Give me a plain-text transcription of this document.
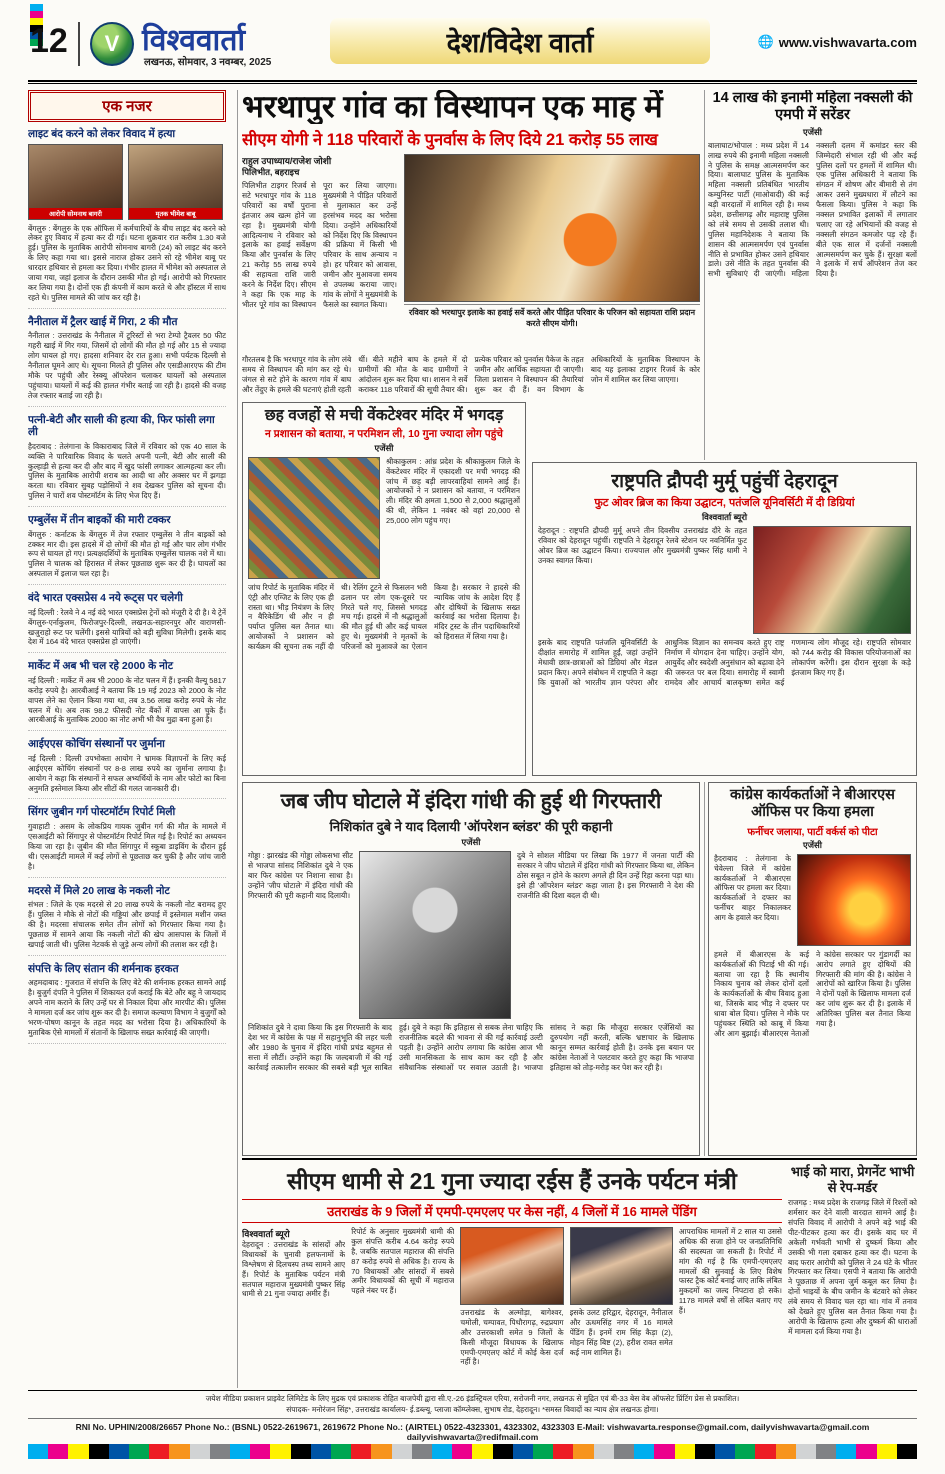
12 V विश्ववार्ता
लखनऊ, सोमवार, 3 नवम्बर, 2025
देश/विदेश वार्ता	🌐 www.vishwavarta.com
एक नजर
लाइट बंद करने को लेकर विवाद में हत्या
आरोपी सोमनाथ बागरी	मृतक भीमेश बाबू

बेंगलुरु : बेंगलुरु के एक ऑफिस में कर्मचारियों के बीच लाइट बंद करने को लेकर हुए विवाद में हत्या कर दी गई। घटना शुक्रवार रात करीब 1.30 बजे हुई। पुलिस के मुताबिक आरोपी सोमनाथ बागरी (24) को लाइट बंद करने के लिए कहा गया था। इससे नाराज होकर उसने सो रहे भीमेश बाबू पर धारदार हथियार से हमला कर दिया। गंभीर हालत में भीमेश को अस्पताल ले जाया गया, जहां इलाज के दौरान उसकी मौत हो गई। आरोपी को गिरफ्तार कर लिया गया है। दोनों एक ही कंपनी में काम करते थे और हॉस्टल में साथ रहते थे। पुलिस मामले की जांच कर रही है।

नैनीताल में ट्रैलर खाई में गिरा, 2 की मौत

नैनीताल : उत्तराखंड के नैनीताल में टूरिस्टों से भरा टेम्पो ट्रैवलर 50 फीट गहरी खाई में गिर गया, जिसमें दो लोगों की मौत हो गई और 15 से ज्यादा लोग घायल हो गए। हादसा शनिवार देर रात हुआ। सभी पर्यटक दिल्ली से नैनीताल घूमने आए थे। सूचना मिलते ही पुलिस और एसडीआरएफ की टीम मौके पर पहुंची और रेस्क्यू ऑपरेशन चलाकर घायलों को अस्पताल पहुंचाया। घायलों में कई की हालत गंभीर बताई जा रही है। हादसे की वजह तेज रफ्तार बताई जा रही है।

पत्नी-बेटी और साली की हत्या की, फिर फांसी लगा ली

हैदराबाद : तेलंगाना के विकाराबाद जिले में रविवार को एक 40 साल के व्यक्ति ने पारिवारिक विवाद के चलते अपनी पत्नी, बेटी और साली की कुल्हाड़ी से हत्या कर दी और बाद में खुद फांसी लगाकर आत्महत्या कर ली। पुलिस के मुताबिक आरोपी शराब का आदी था और अक्सर घर में झगड़ा करता था। रविवार सुबह पड़ोसियों ने शव देखकर पुलिस को सूचना दी। पुलिस ने चारों शव पोस्टमॉर्टम के लिए भेज दिए हैं।

एम्बुलेंस में तीन बाइकों की मारी टक्कर

बेंगलुरु : कर्नाटक के बेंगलुरु में तेज रफ्तार एम्बुलेंस ने तीन बाइकों को टक्कर मार दी। इस हादसे में दो लोगों की मौत हो गई और चार लोग गंभीर रूप से घायल हो गए। प्रत्यक्षदर्शियों के मुताबिक एम्बुलेंस चालक नशे में था। पुलिस ने चालक को हिरासत में लेकर पूछताछ शुरू कर दी है। घायलों का अस्पताल में इलाज चल रहा है।

वंदे भारत एक्सप्रेस 4 नये रूट्स पर चलेगी

नई दिल्ली : रेलवे ने 4 नई वंदे भारत एक्सप्रेस ट्रेनों को मंजूरी दे दी है। ये ट्रेनें बेंगलुरु-एर्नाकुलम, फिरोजपुर-दिल्ली, लखनऊ-सहारनपुर और वाराणसी-खजुराहो रूट पर चलेंगी। इससे यात्रियों को बड़ी सुविधा मिलेगी। इसके बाद देश में 164 वंदे भारत एक्सप्रेस हो जाएंगी।

मार्केट में अब भी चल रहे 2000 के नोट

नई दिल्ली : मार्केट में अब भी 2000 के नोट चलन में हैं। इनकी वैल्यू 5817 करोड़ रुपये है। आरबीआई ने बताया कि 19 मई 2023 को 2000 के नोट वापस लेने का ऐलान किया गया था, तब 3.56 लाख करोड़ रुपये के नोट चलन में थे। अब तक 98.2 फीसदी नोट बैंकों में वापस आ चुके हैं। आरबीआई के मुताबिक 2000 का नोट अभी भी वैध मुद्रा बना हुआ है।

आईएएस कोचिंग संस्थानों पर जुर्माना

नई दिल्ली : दिल्ली उपभोक्ता आयोग ने भ्रामक विज्ञापनों के लिए कई आईएएस कोचिंग संस्थानों पर 8-8 लाख रुपये का जुर्माना लगाया है। आयोग ने कहा कि संस्थानों ने सफल अभ्यर्थियों के नाम और फोटो का बिना अनुमति इस्तेमाल किया और सीटों की गलत जानकारी दी।

सिंगर जुबीन गर्ग पोस्टमॉर्टम रिपोर्ट मिली

गुवाहाटी : असम के लोकप्रिय गायक जुबीन गर्ग की मौत के मामले में एसआईटी को सिंगापुर से पोस्टमॉर्टम रिपोर्ट मिल गई है। रिपोर्ट का अध्ययन किया जा रहा है। जुबीन की मौत सिंगापुर में स्कूबा डाइविंग के दौरान हुई थी। एसआईटी मामले में कई लोगों से पूछताछ कर चुकी है और जांच जारी है।

मदरसे में मिले 20 लाख के नकली नोट

संभल : जिले के एक मदरसे से 20 लाख रुपये के नकली नोट बरामद हुए हैं। पुलिस ने मौके से नोटों की गड्डियां और छपाई में इस्तेमाल मशीन जब्त की है। मदरसा संचालक समेत तीन लोगों को गिरफ्तार किया गया है। पूछताछ में सामने आया कि नकली नोटों की खेप आसपास के जिलों में खपाई जाती थी। पुलिस नेटवर्क से जुड़े अन्य लोगों की तलाश कर रही है।

संपत्ति के लिए संतान की शर्मनाक हरकत

अहमदाबाद : गुजरात में संपत्ति के लिए बेटे की शर्मनाक हरकत सामने आई है। बुजुर्ग दंपति ने पुलिस में शिकायत दर्ज कराई कि बेटे और बहू ने जायदाद अपने नाम कराने के लिए उन्हें घर से निकाल दिया और मारपीट की। पुलिस ने मामला दर्ज कर जांच शुरू कर दी है। समाज कल्याण विभाग ने बुजुर्गों को भरण-पोषण कानून के तहत मदद का भरोसा दिया है। अधिकारियों के मुताबिक ऐसे मामलों में संतानों के खिलाफ सख्त कार्रवाई की जाएगी।

भरथापुर गांव का विस्थापन एक माह में
सीएम योगी ने 118 परिवारों के पुनर्वास के लिए दिये 21 करोड़ 55 लाख
राहुल उपाध्याय/राजेश जोशी
पिलिभीत, बहराइच
पिलिभीत टाइगर रिजर्व से सटे भरथापुर गांव के 118 परिवारों का वर्षों पुराना इंतजार अब खत्म होने जा रहा है। मुख्यमंत्री योगी आदित्यनाथ ने रविवार को इलाके का हवाई सर्वेक्षण किया और पुनर्वास के लिए 21 करोड़ 55 लाख रुपये की सहायता राशि जारी करने के निर्देश दिए। सीएम ने कहा कि एक माह के भीतर पूरे गांव का विस्थापन पूरा कर लिया जाएगा। मुख्यमंत्री ने पीड़ित परिवारों से मुलाकात कर उन्हें हरसंभव मदद का भरोसा दिया। उन्होंने अधिकारियों को निर्देश दिए कि विस्थापन की प्रक्रिया में किसी भी परिवार के साथ अन्याय न हो। हर परिवार को आवास, जमीन और मुआवजा समय से उपलब्ध कराया जाए। गांव के लोगों ने मुख्यमंत्री के फैसले का स्वागत किया।
रविवार को भरथापुर इलाके का हवाई सर्वे करते और पीड़ित परिवार के परिजन को सहायता राशि प्रदान करते सीएम योगी।
गौरतलब है कि भरथापुर गांव के लोग लंबे समय से विस्थापन की मांग कर रहे थे। जंगल से सटे होने के कारण गांव में बाघ और तेंदुए के हमले की घटनाएं होती रहती थीं। बीते महीने बाघ के हमले में दो ग्रामीणों की मौत के बाद ग्रामीणों ने आंदोलन शुरू कर दिया था। शासन ने सर्वे कराकर 118 परिवारों की सूची तैयार की। प्रत्येक परिवार को पुनर्वास पैकेज के तहत जमीन और आर्थिक सहायता दी जाएगी। जिला प्रशासन ने विस्थापन की तैयारियां शुरू कर दी हैं। वन विभाग के अधिकारियों के मुताबिक विस्थापन के बाद यह इलाका टाइगर रिजर्व के कोर जोन में शामिल कर लिया जाएगा।
14 लाख की इनामी महिला नक्सली की एमपी में सरेंडर
एजेंसी
बालाघाट/भोपाल : मध्य प्रदेश में 14 लाख रुपये की इनामी महिला नक्सली ने पुलिस के समक्ष आत्मसमर्पण कर दिया। बालाघाट पुलिस के मुताबिक महिला नक्सली प्रतिबंधित भारतीय कम्युनिस्ट पार्टी (माओवादी) की कई बड़ी वारदातों में शामिल रही है। मध्य प्रदेश, छत्तीसगढ़ और महाराष्ट्र पुलिस को लंबे समय से उसकी तलाश थी। पुलिस महानिदेशक ने बताया कि शासन की आत्मसमर्पण एवं पुनर्वास नीति से प्रभावित होकर उसने हथियार डाले। उसे नीति के तहत पुनर्वास की सभी सुविधाएं दी जाएंगी। महिला नक्सली दलम में कमांडर स्तर की जिम्मेदारी संभाल रही थी और कई पुलिस दलों पर हमलों में शामिल थी। एक पुलिस अधिकारी ने बताया कि संगठन में शोषण और बीमारी से तंग आकर उसने मुख्यधारा में लौटने का फैसला किया। पुलिस ने कहा कि नक्सल प्रभावित इलाकों में लगातार चलाए जा रहे अभियानों की वजह से नक्सली संगठन कमजोर पड़ रहे हैं। बीते एक साल में दर्जनों नक्सली आत्मसमर्पण कर चुके हैं। सुरक्षा बलों ने इलाके में सर्च ऑपरेशन तेज कर दिया है।
छह वजहों से मची वेंकटेश्वर मंदिर में भगदड़
न प्रशासन को बताया, न परमिशन ली, 10 गुना ज्यादा लोग पहुंचे
एजेंसी
श्रीकाकुलम : आंध्र प्रदेश के श्रीकाकुलम जिले के वेंकटेश्वर मंदिर में एकादशी पर मची भगदड़ की जांच में छह बड़ी लापरवाहियां सामने आई हैं। आयोजकों ने न प्रशासन को बताया, न परमिशन ली। मंदिर की क्षमता 1,500 से 2,000 श्रद्धालुओं की थी, लेकिन 1 नवंबर को वहां 20,000 से 25,000 लोग पहुंच गए।
जांच रिपोर्ट के मुताबिक मंदिर में एंट्री और एग्जिट के लिए एक ही रास्ता था। भीड़ नियंत्रण के लिए न बैरिकेडिंग थी और न ही पर्याप्त पुलिस बल तैनात था। आयोजकों ने प्रशासन को कार्यक्रम की सूचना तक नहीं दी थी। रेलिंग टूटने से फिसलन भरी ढलान पर लोग एक-दूसरे पर गिरते चले गए, जिससे भगदड़ मच गई। हादसे में नौ श्रद्धालुओं की मौत हुई थी और कई घायल हुए थे। मुख्यमंत्री ने मृतकों के परिजनों को मुआवजे का ऐलान किया है। सरकार ने हादसे की न्यायिक जांच के आदेश दिए हैं और दोषियों के खिलाफ सख्त कार्रवाई का भरोसा दिलाया है। मंदिर ट्रस्ट के तीन पदाधिकारियों को हिरासत में लिया गया है।
राष्ट्रपति द्रौपदी मुर्मू पहुंचीं देहरादून
फुट ओवर ब्रिज का किया उद्घाटन, पतंजलि यूनिवर्सिटी में दी डिग्रियां
विश्ववार्ता ब्यूरो
देहरादून : राष्ट्रपति द्रौपदी मुर्मू अपने तीन दिवसीय उत्तराखंड दौरे के तहत रविवार को देहरादून पहुंचीं। राष्ट्रपति ने देहरादून रेलवे स्टेशन पर नवनिर्मित फुट ओवर ब्रिज का उद्घाटन किया। राज्यपाल और मुख्यमंत्री पुष्कर सिंह धामी ने उनका स्वागत किया।
इसके बाद राष्ट्रपति पतंजलि यूनिवर्सिटी के दीक्षांत समारोह में शामिल हुईं, जहां उन्होंने मेधावी छात्र-छात्राओं को डिग्रियां और मेडल प्रदान किए। अपने संबोधन में राष्ट्रपति ने कहा कि युवाओं को भारतीय ज्ञान परंपरा और आधुनिक विज्ञान का समन्वय करते हुए राष्ट्र निर्माण में योगदान देना चाहिए। उन्होंने योग, आयुर्वेद और स्वदेशी अनुसंधान को बढ़ावा देने की जरूरत पर बल दिया। समारोह में स्वामी रामदेव और आचार्य बालकृष्ण समेत कई गणमान्य लोग मौजूद रहे। राष्ट्रपति सोमवार को 744 करोड़ की विकास परियोजनाओं का लोकार्पण करेंगी। इस दौरान सुरक्षा के कड़े इंतजाम किए गए हैं।
जब जीप घोटाले में इंदिरा गांधी की हुई थी गिरफ्तारी
निशिकांत दुबे ने याद दिलायी 'ऑपरेशन ब्लंडर' की पूरी कहानी
एजेंसी
गोड्डा : झारखंड की गोड्डा लोकसभा सीट से भाजपा सांसद निशिकांत दुबे ने एक बार फिर कांग्रेस पर निशाना साधा है। उन्होंने 'जीप घोटाले' में इंदिरा गांधी की गिरफ्तारी की पूरी कहानी याद दिलायी।
दुबे ने सोशल मीडिया पर लिखा कि 1977 में जनता पार्टी की सरकार ने जीप घोटाले में इंदिरा गांधी को गिरफ्तार किया था, लेकिन ठोस सबूत न होने के कारण अगले ही दिन उन्हें रिहा करना पड़ा था। इसे ही 'ऑपरेशन ब्लंडर' कहा जाता है। इस गिरफ्तारी ने देश की राजनीति की दिशा बदल दी थी।
निशिकांत दुबे ने दावा किया कि इस गिरफ्तारी के बाद देश भर में कांग्रेस के पक्ष में सहानुभूति की लहर चली और 1980 के चुनाव में इंदिरा गांधी प्रचंड बहुमत से सत्ता में लौटीं। उन्होंने कहा कि जल्दबाजी में की गई कार्रवाई तत्कालीन सरकार की सबसे बड़ी भूल साबित हुई। दुबे ने कहा कि इतिहास से सबक लेना चाहिए कि राजनीतिक बदले की भावना से की गई कार्रवाई उल्टी पड़ती है। उन्होंने आरोप लगाया कि कांग्रेस आज भी उसी मानसिकता के साथ काम कर रही है और संवैधानिक संस्थाओं पर सवाल उठाती है। भाजपा सांसद ने कहा कि मौजूदा सरकार एजेंसियों का दुरुपयोग नहीं करती, बल्कि भ्रष्टाचार के खिलाफ कानून सम्मत कार्रवाई होती है। उनके इस बयान पर कांग्रेस नेताओं ने पलटवार करते हुए कहा कि भाजपा इतिहास को तोड़-मरोड़ कर पेश कर रही है।
कांग्रेस कार्यकर्ताओं ने बीआरएस ऑफिस पर किया हमला
फर्नीचर जलाया, पार्टी वर्कर्स को पीटा
एजेंसी
हैदराबाद : तेलंगाना के चेवेल्ला जिले में कांग्रेस कार्यकर्ताओं ने बीआरएस ऑफिस पर हमला कर दिया। कार्यकर्ताओं ने दफ्तर का फर्नीचर बाहर निकालकर आग के हवाले कर दिया।
हमले में बीआरएस के कई कार्यकर्ताओं की पिटाई भी की गई। बताया जा रहा है कि स्थानीय निकाय चुनाव को लेकर दोनों दलों के कार्यकर्ताओं के बीच विवाद हुआ था, जिसके बाद भीड़ ने दफ्तर पर धावा बोल दिया। पुलिस ने मौके पर पहुंचकर स्थिति को काबू में किया और आग बुझाई। बीआरएस नेताओं ने कांग्रेस सरकार पर गुंडागर्दी का आरोप लगाते हुए दोषियों की गिरफ्तारी की मांग की है। कांग्रेस ने आरोपों को खारिज किया है। पुलिस ने दोनों पक्षों के खिलाफ मामला दर्ज कर जांच शुरू कर दी है। इलाके में अतिरिक्त पुलिस बल तैनात किया गया है।
सीएम धामी से 21 गुना ज्यादा रईस हैं उनके पर्यटन मंत्री
उतराखंड के 9 जिलों में एमपी-एमएलए पर केस नहीं, 4 जिलों में 16 मामले पेंडिंग
विश्ववार्ता ब्यूरो
देहरादून : उत्तराखंड के सांसदों और विधायकों के चुनावी हलफनामों के विश्लेषण से दिलचस्प तथ्य सामने आए हैं। रिपोर्ट के मुताबिक पर्यटन मंत्री सतपाल महाराज मुख्यमंत्री पुष्कर सिंह धामी से 21 गुना ज्यादा अमीर हैं।
रिपोर्ट के अनुसार मुख्यमंत्री धामी की कुल संपत्ति करीब 4.64 करोड़ रुपये है, जबकि सतपाल महाराज की संपत्ति 87 करोड़ रुपये से अधिक है। राज्य के 70 विधायकों और सांसदों में सबसे अमीर विधायकों की सूची में महाराज पहले नंबर पर हैं।
उत्तराखंड के अल्मोड़ा, बागेश्वर, चमोली, चम्पावत, पिथौरागढ़, रुद्रप्रयाग और उत्तरकाशी समेत 9 जिलों के किसी मौजूदा विधायक के खिलाफ एमपी-एमएलए कोर्ट में कोई केस दर्ज नहीं है।
इसके उलट हरिद्वार, देहरादून, नैनीताल और ऊधमसिंह नगर में 16 मामले पेंडिंग हैं। इनमें राम सिंह कैड़ा (2), मोहन सिंह बिष्ट (2), हरीश रावत समेत कई नाम शामिल हैं।
आपराधिक मामलों में 2 साल या उससे अधिक की सजा होने पर जनप्रतिनिधि की सदस्यता जा सकती है। रिपोर्ट में मांग की गई है कि एमपी-एमएलए मामलों की सुनवाई के लिए विशेष फास्ट ट्रैक कोर्ट बनाई जाए ताकि लंबित मुकदमों का जल्द निपटारा हो सके। 1178 मामले वर्षों से लंबित बताए गए हैं।
भाई को मारा, प्रेगनेंट भाभी से रेप-मर्डर
राजगढ़ : मध्य प्रदेश के राजगढ़ जिले में रिश्तों को शर्मसार कर देने वाली वारदात सामने आई है। संपत्ति विवाद में आरोपी ने अपने बड़े भाई की पीट-पीटकर हत्या कर दी। इसके बाद घर में अकेली गर्भवती भाभी से दुष्कर्म किया और उसकी भी गला दबाकर हत्या कर दी। घटना के बाद फरार आरोपी को पुलिस ने 24 घंटे के भीतर गिरफ्तार कर लिया। एसपी ने बताया कि आरोपी ने पूछताछ में अपना जुर्म कबूल कर लिया है। दोनों भाइयों के बीच जमीन के बंटवारे को लेकर लंबे समय से विवाद चल रहा था। गांव में तनाव को देखते हुए पुलिस बल तैनात किया गया है। आरोपी के खिलाफ हत्या और दुष्कर्म की धाराओं में मामला दर्ज किया गया है।
जयेश मीडिया प्रकाशन प्राइवेट लिमिटेड के लिए मुद्रक एवं प्रकाशक रोहित बाजपेयी द्वारा सी.ए.-26 इंडस्ट्रियल एरिया, सरोजनी नगर, लखनऊ से मुद्रित एवं बी-33 बेस वेब ऑफसेट प्रिंटिंग प्रेस से प्रकाशित।
संपादक- मनोरंजन सिंह*, उत्तराखंड कार्यालय- ई.डब्ल्यू. प्लाजा कॉम्प्लेक्स, सुभाष रोड, देहरादून। *समस्त विवादों का न्याय क्षेत्र लखनऊ होगा।
RNI No. UPHIN/2008/26657 Phone No.: (BSNL) 0522-2619671, 2619672 Phone No.: (AIRTEL) 0522-4323301, 4323302, 4323303 E-Mail: vishwavarta.response@gmail.com, dailyvishwavarta@gmail.com dailyvishwavarta@redifmail.com
